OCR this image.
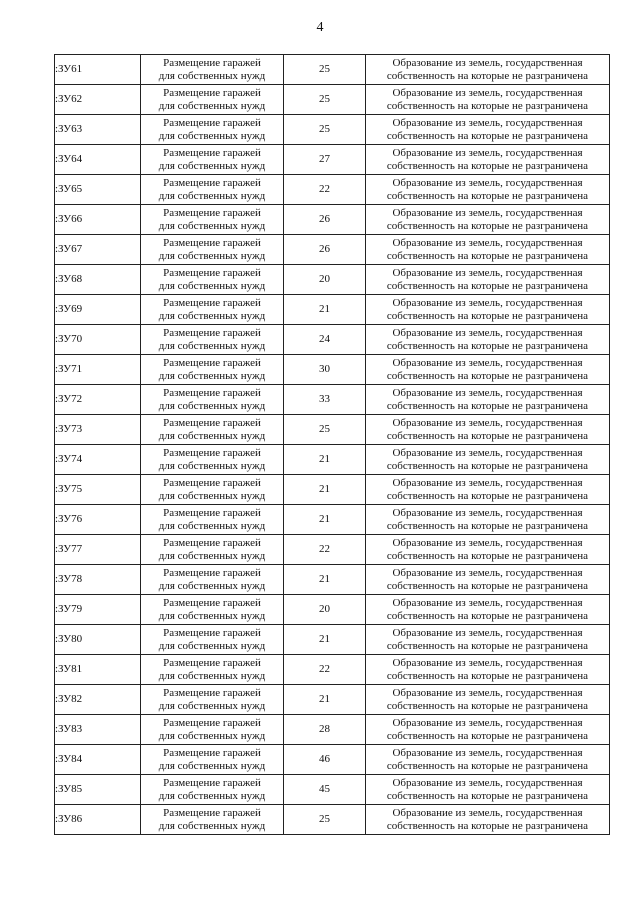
4
:ЗУ61	Размещение гаражей
для собственных нужд	25	Образование из земель, государственная
собственность на которые не разграничена

:ЗУ62	Размещение гаражей
для собственных нужд	25	Образование из земель, государственная
собственность на которые не разграничена

:ЗУ63	Размещение гаражей
для собственных нужд	25	Образование из земель, государственная
собственность на которые не разграничена

:ЗУ64	Размещение гаражей
для собственных нужд	27	Образование из земель, государственная
собственность на которые не разграничена

:ЗУ65	Размещение гаражей
для собственных нужд	22	Образование из земель, государственная
собственность на которые не разграничена

:ЗУ66	Размещение гаражей
для собственных нужд	26	Образование из земель, государственная
собственность на которые не разграничена

:ЗУ67	Размещение гаражей
для собственных нужд	26	Образование из земель, государственная
собственность на которые не разграничена

:ЗУ68	Размещение гаражей
для собственных нужд	20	Образование из земель, государственная
собственность на которые не разграничена

:ЗУ69	Размещение гаражей
для собственных нужд	21	Образование из земель, государственная
собственность на которые не разграничена

:ЗУ70	Размещение гаражей
для собственных нужд	24	Образование из земель, государственная
собственность на которые не разграничена

:ЗУ71	Размещение гаражей
для собственных нужд	30	Образование из земель, государственная
собственность на которые не разграничена

:ЗУ72	Размещение гаражей
для собственных нужд	33	Образование из земель, государственная
собственность на которые не разграничена

:ЗУ73	Размещение гаражей
для собственных нужд	25	Образование из земель, государственная
собственность на которые не разграничена

:ЗУ74	Размещение гаражей
для собственных нужд	21	Образование из земель, государственная
собственность на которые не разграничена

:ЗУ75	Размещение гаражей
для собственных нужд	21	Образование из земель, государственная
собственность на которые не разграничена

:ЗУ76	Размещение гаражей
для собственных нужд	21	Образование из земель, государственная
собственность на которые не разграничена

:ЗУ77	Размещение гаражей
для собственных нужд	22	Образование из земель, государственная
собственность на которые не разграничена

:ЗУ78	Размещение гаражей
для собственных нужд	21	Образование из земель, государственная
собственность на которые не разграничена

:ЗУ79	Размещение гаражей
для собственных нужд	20	Образование из земель, государственная
собственность на которые не разграничена

:ЗУ80	Размещение гаражей
для собственных нужд	21	Образование из земель, государственная
собственность на которые не разграничена

:ЗУ81	Размещение гаражей
для собственных нужд	22	Образование из земель, государственная
собственность на которые не разграничена

:ЗУ82	Размещение гаражей
для собственных нужд	21	Образование из земель, государственная
собственность на которые не разграничена

:ЗУ83	Размещение гаражей
для собственных нужд	28	Образование из земель, государственная
собственность на которые не разграничена

:ЗУ84	Размещение гаражей
для собственных нужд	46	Образование из земель, государственная
собственность на которые не разграничена

:ЗУ85	Размещение гаражей
для собственных нужд	45	Образование из земель, государственная
собственность на которые не разграничена

:ЗУ86	Размещение гаражей
для собственных нужд	25	Образование из земель, государственная
собственность на которые не разграничена
